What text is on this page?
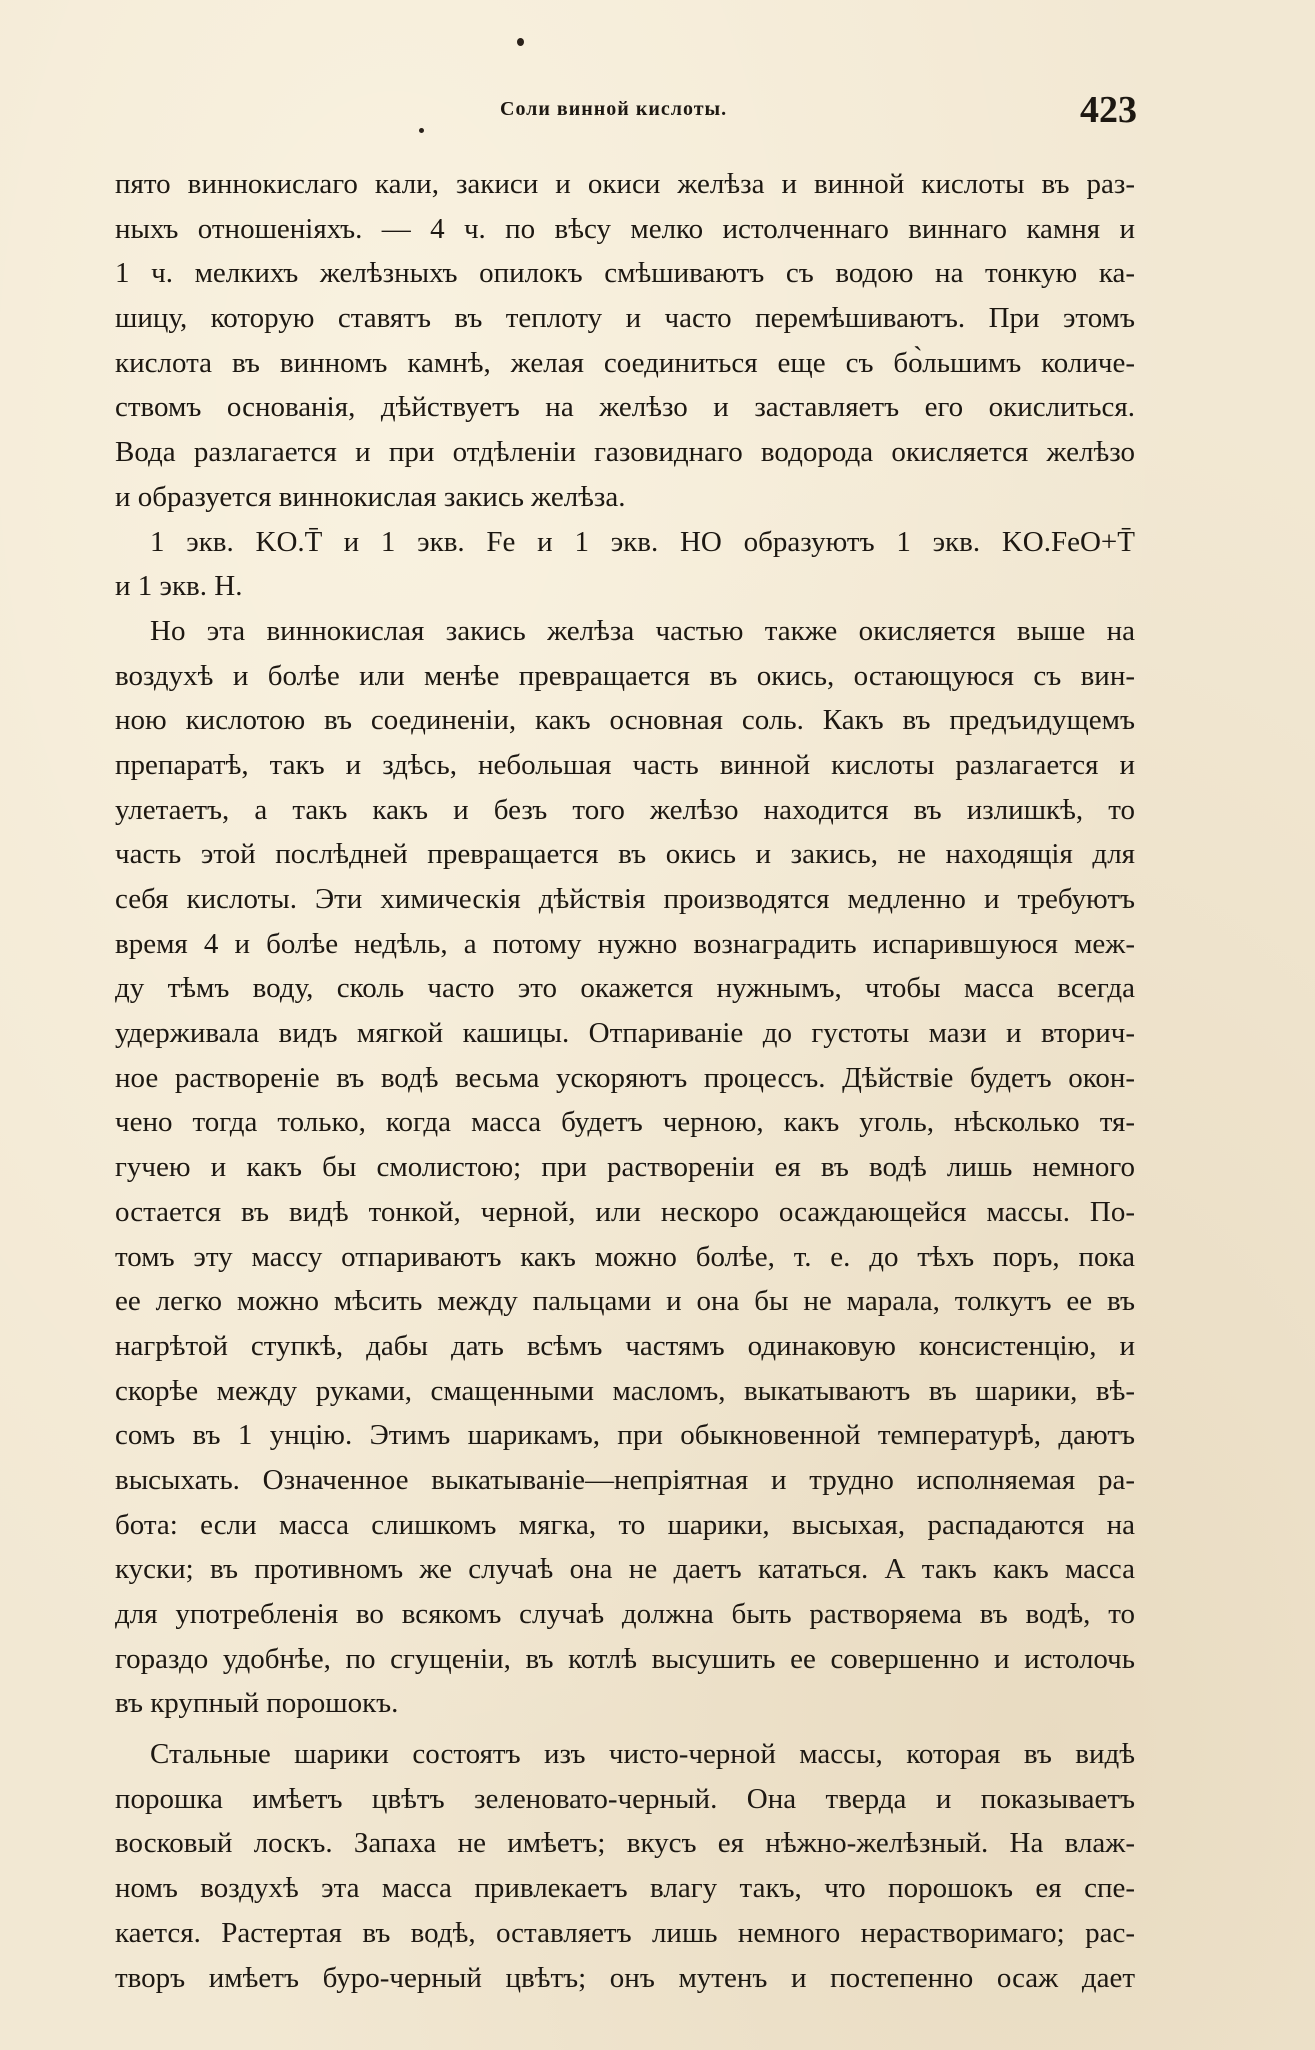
Соли винной кислоты.	423
пято виннокислаго кали, закиси и окиси желѣза и винной кислоты въ раз-
ныхъ отношеніяхъ. — 4 ч. по вѣсу мелко истолченнаго виннаго камня и
1 ч. мелкихъ желѣзныхъ опилокъ смѣшиваютъ съ водою на тонкую ка-
шицу, которую ставятъ въ теплоту и часто перемѣшиваютъ. При этомъ
кислота въ винномъ камнѣ, желая соединиться еще съ бо̀льшимъ количе-
ствомъ основанія, дѣйствуетъ на желѣзо и заставляетъ его окислиться.
Вода разлагается и при отдѣленіи газовиднаго водорода окисляется желѣзо
и образуется виннокислая закись желѣза.
1 экв. KO.T̄ и 1 экв. Fe и 1 экв. HO образуютъ 1 экв. KO.FeO+T̄
и 1 экв. H.
Но эта виннокислая закись желѣза частью также окисляется выше на
воздухѣ и болѣе или менѣе превращается въ окись, остающуюся съ вин-
ною кислотою въ соединеніи, какъ основная соль. Какъ въ предъидущемъ
препаратѣ, такъ и здѣсь, небольшая часть винной кислоты разлагается и
улетаетъ, а такъ какъ и безъ того желѣзо находится въ излишкѣ, то
часть этой послѣдней превращается въ окись и закись, не находящія для
себя кислоты. Эти химическія дѣйствія производятся медленно и требуютъ
время 4 и болѣе недѣль, а потому нужно вознаградить испарившуюся меж-
ду тѣмъ воду, сколь часто это окажется нужнымъ, чтобы масса всегда
удерживала видъ мягкой кашицы. Отпариваніе до густоты мази и вторич-
ное раствореніе въ водѣ весьма ускоряютъ процессъ. Дѣйствіе будетъ окон-
чено тогда только, когда масса будетъ черною, какъ уголь, нѣсколько тя-
гучею и какъ бы смолистою; при раствореніи ея въ водѣ лишь немного
остается въ видѣ тонкой, черной, или нескоро осаждающейся массы. По-
томъ эту массу отпариваютъ какъ можно болѣе, т. е. до тѣхъ поръ, пока
ее легко можно мѣсить между пальцами и она бы не марала, толкутъ ее въ
нагрѣтой ступкѣ, дабы дать всѣмъ частямъ одинаковую консистенцію, и
скорѣе между руками, смащенными масломъ, выкатываютъ въ шарики, вѣ-
сомъ въ 1 унцію. Этимъ шарикамъ, при обыкновенной температурѣ, даютъ
высыхать. Означенное выкатываніе—непріятная и трудно исполняемая ра-
бота: если масса слишкомъ мягка, то шарики, высыхая, распадаются на
куски; въ противномъ же случаѣ она не даетъ кататься. А такъ какъ масса
для употребленія во всякомъ случаѣ должна быть растворяема въ водѣ, то
гораздо удобнѣе, по сгущеніи, въ котлѣ высушить ее совершенно и истолочь
въ крупный порошокъ.
Стальные шарики состоятъ изъ чисто-черной массы, которая въ видѣ
порошка имѣетъ цвѣтъ зеленовато-черный. Она тверда и показываетъ
восковый лоскъ. Запаха не имѣетъ; вкусъ ея нѣжно-желѣзный. На влаж-
номъ воздухѣ эта масса привлекаетъ влагу такъ, что порошокъ ея спе-
кается. Растертая въ водѣ, оставляетъ лишь немного нерастворимаго; рас-
творъ имѣетъ буро-черный цвѣтъ; онъ мутенъ и постепенно осаж дает
